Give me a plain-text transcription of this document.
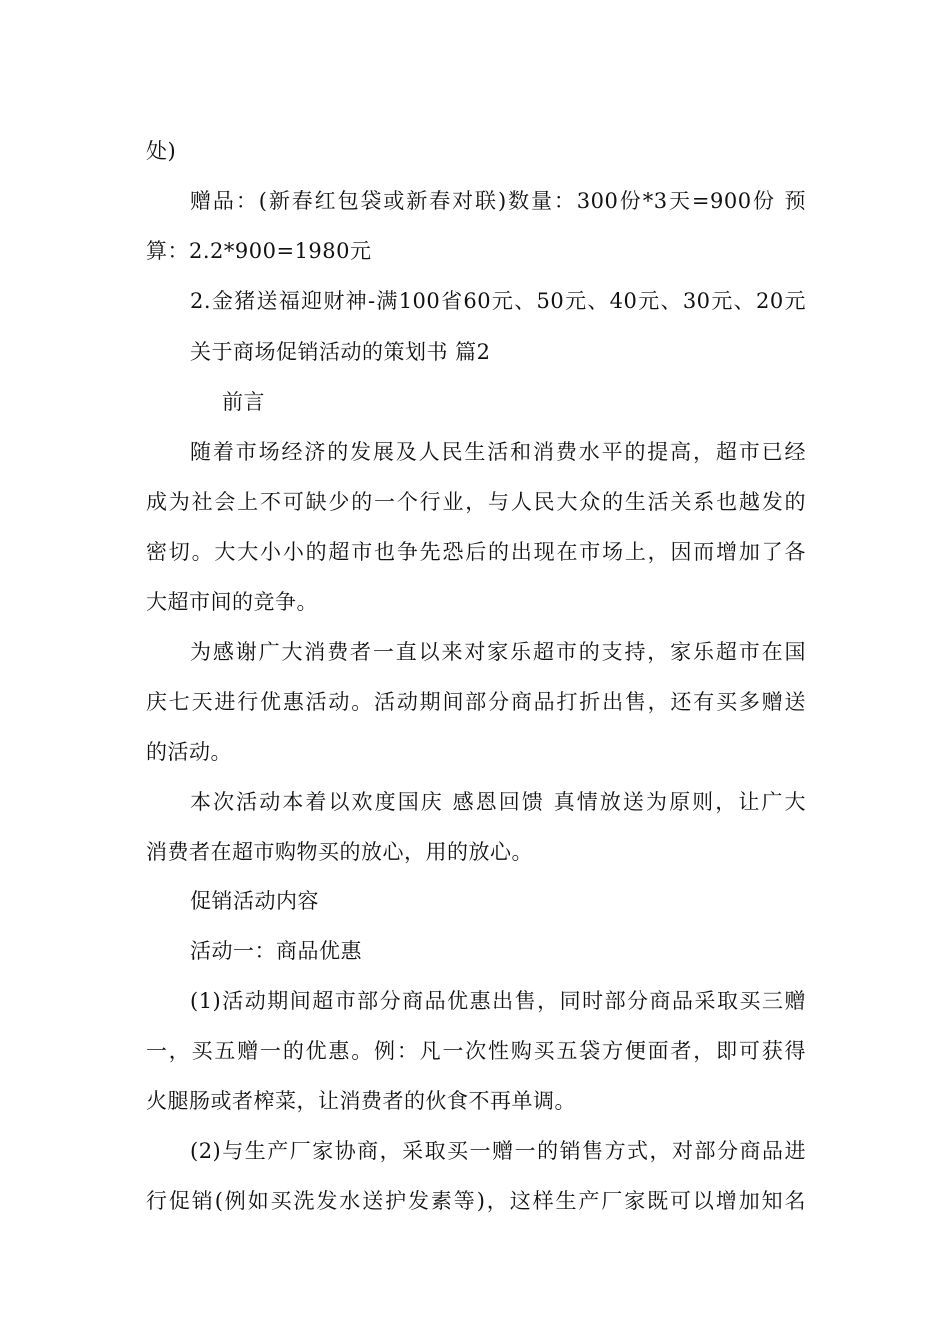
处)
赠品：(新春红包袋或新春对联)数量：300份*3天=900份 预
算：2.2*900=1980元
2.金猪送福迎财神-满100省60元、50元、40元、30元、20元
关于商场促销活动的策划书 篇2
前言
随着市场经济的发展及人民生活和消费水平的提高，超市已经
成为社会上不可缺少的一个行业，与人民大众的生活关系也越发的
密切。大大小小的超市也争先恐后的出现在市场上，因而增加了各
大超市间的竞争。
为感谢广大消费者一直以来对家乐超市的支持，家乐超市在国
庆七天进行优惠活动。活动期间部分商品打折出售，还有买多赠送
的活动。
本次活动本着以欢度国庆 感恩回馈 真情放送为原则，让广大
消费者在超市购物买的放心，用的放心。
促销活动内容
活动一：商品优惠
(1)活动期间超市部分商品优惠出售，同时部分商品采取买三赠
一，买五赠一的优惠。例：凡一次性购买五袋方便面者，即可获得
火腿肠或者榨菜，让消费者的伙食不再单调。
(2)与生产厂家协商，采取买一赠一的销售方式，对部分商品进
行促销(例如买洗发水送护发素等)，这样生产厂家既可以增加知名
